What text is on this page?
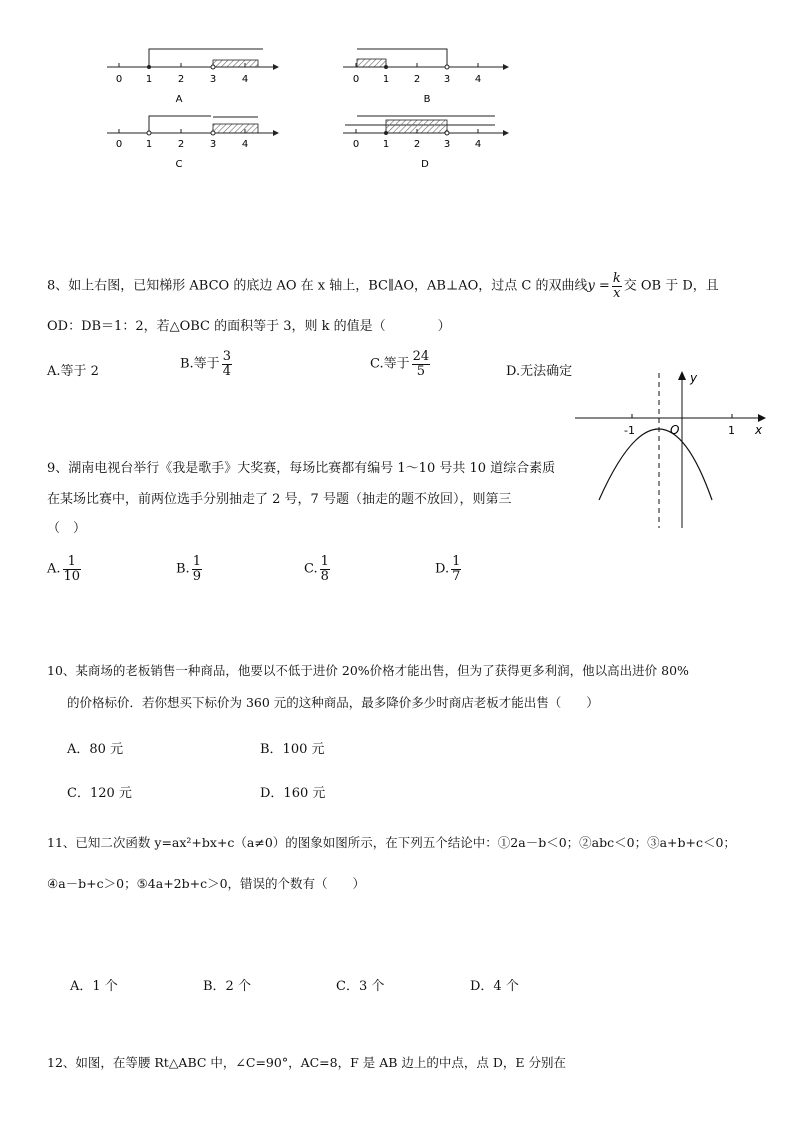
0 1	2	3	4
A
0 1 2 3 4
B
0 1	2	3	4
C
0 1 2 3 4
D
8、如上右图，已知梯形 ABCO 的底边 AO 在 x 轴上，BC∥AO，AB⊥AO，过点 C 的双曲线$y = \frac{k}{x}$ 交 OB 于 D，且
OD：DB＝1：2，若△OBC 的面积等于 3，则 k 的值是（　　　　）
A.等于 2	B.等于 $\frac{3}{4}$	C.等于 $\frac{24}{5}$	D.无法确定	y
x
O
-1	1
9、湖南电视台举行《我是歌手》大奖赛，每场比赛都有编号 1～10 号共 10 道综合素质
在某场比赛中，前两位选手分别抽走了 2 号，7 号题（抽走的题不放回），则第三
（　）
A. $\frac{1}{10}$	B. $\frac{1}{9}$	C. $\frac{1}{8}$	D. $\frac{1}{7}$
10、某商场的老板销售一种商品，他要以不低于进价 20%价格才能出售，但为了获得更多利润，他以高出进价 80%
的价格标价．若你想买下标价为 360 元的这种商品，最多降价多少时商店老板才能出售（　　）
A．80 元	B．100 元
C．120 元	D．160 元
11、已知二次函数 y=ax²+bx+c（a≠0）的图象如图所示，在下列五个结论中：①2a－b＜0；②abc＜0；③a+b+c＜0；
④a－b+c＞0；⑤4a+2b+c＞0，错误的个数有（　　）
A．1 个	B．2 个	C．3 个	D．4 个
12、如图，在等腰 Rt△ABC 中，∠C=90°，AC=8，F 是 AB 边上的中点，点 D，E 分别在
